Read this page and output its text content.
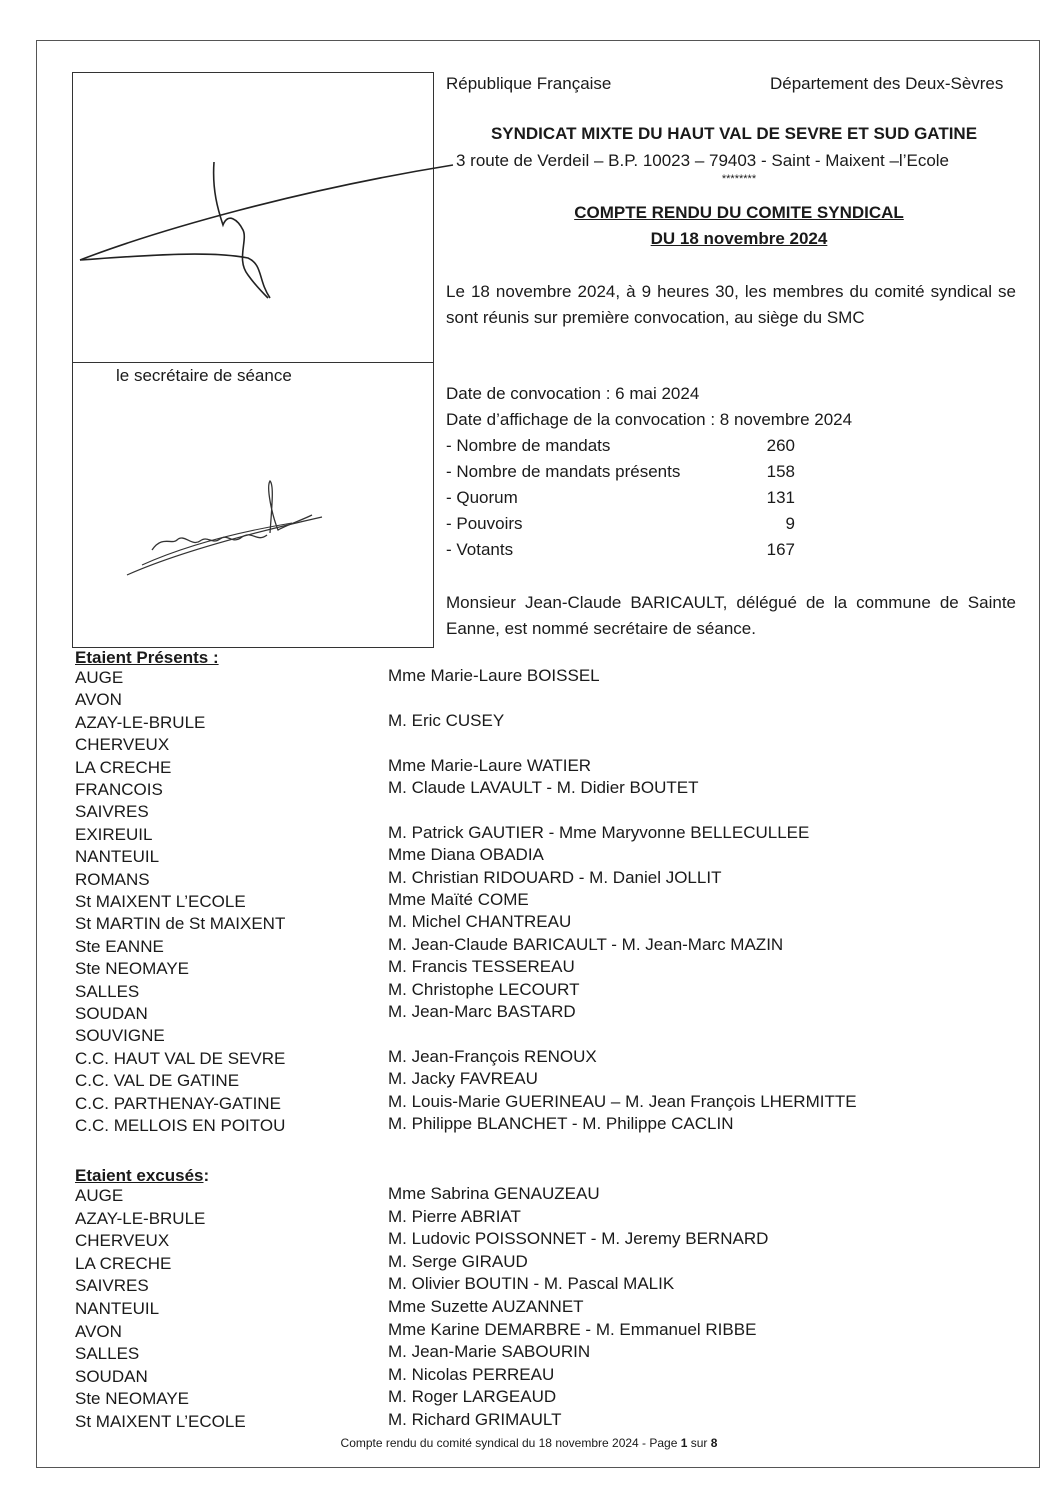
le secrétaire de séance
République Française	Département des Deux-Sèvres
SYNDICAT MIXTE DU HAUT VAL DE SEVRE ET SUD GATINE
3 route de Verdeil – B.P. 10023 – 79403 - Saint - Maixent –l’Ecole
********
COMPTE RENDU DU COMITE SYNDICAL
DU 18 novembre 2024
Le 18 novembre 2024, à 9 heures 30, les membres du comité syndical se sont réunis sur première convocation, au siège du SMC
Date de convocation : 6 mai 2024
Date d’affichage de la convocation : 8 novembre 2024
- Nombre de mandats	260
- Nombre de mandats présents	158
- Quorum	131
- Pouvoirs	9
- Votants	167
Monsieur Jean-Claude BARICAULT, délégué de la commune de Sainte Eanne, est nommé secrétaire de séance.
Etaient Présents :
AUGE	Mme Marie-Laure BOISSEL
AVON
AZAY-LE-BRULE	M. Eric CUSEY
CHERVEUX
LA CRECHE	Mme Marie-Laure WATIER
FRANCOIS	M. Claude LAVAULT - M. Didier BOUTET
SAIVRES
EXIREUIL	M. Patrick GAUTIER - Mme Maryvonne BELLECULLEE
NANTEUIL	Mme Diana OBADIA
ROMANS	M. Christian RIDOUARD - M. Daniel JOLLIT
St MAIXENT L’ECOLE	Mme Maïté COME
St MARTIN de St MAIXENT	M. Michel CHANTREAU
Ste EANNE	M. Jean-Claude BARICAULT - M. Jean-Marc MAZIN
Ste NEOMAYE	M. Francis TESSEREAU
SALLES	M. Christophe LECOURT
SOUDAN	M. Jean-Marc BASTARD
SOUVIGNE
C.C. HAUT VAL DE SEVRE	M. Jean-François RENOUX
C.C. VAL DE GATINE	M. Jacky FAVREAU
C.C. PARTHENAY-GATINE	M. Louis-Marie GUERINEAU – M. Jean François LHERMITTE
C.C. MELLOIS EN POITOU	M. Philippe BLANCHET - M. Philippe CACLIN
Etaient excusés:
AUGE	Mme Sabrina GENAUZEAU
AZAY-LE-BRULE	M. Pierre ABRIAT
CHERVEUX	M. Ludovic POISSONNET - M. Jeremy BERNARD
LA CRECHE	M. Serge GIRAUD
SAIVRES	M. Olivier BOUTIN - M. Pascal MALIK
NANTEUIL	Mme Suzette AUZANNET
AVON	Mme Karine DEMARBRE - M. Emmanuel RIBBE
SALLES	M. Jean-Marie SABOURIN
SOUDAN	M. Nicolas PERREAU
Ste NEOMAYE	M. Roger LARGEAUD
St MAIXENT L’ECOLE	M. Richard GRIMAULT
Compte rendu du comité syndical du 18 novembre 2024 - Page 1 sur 8
